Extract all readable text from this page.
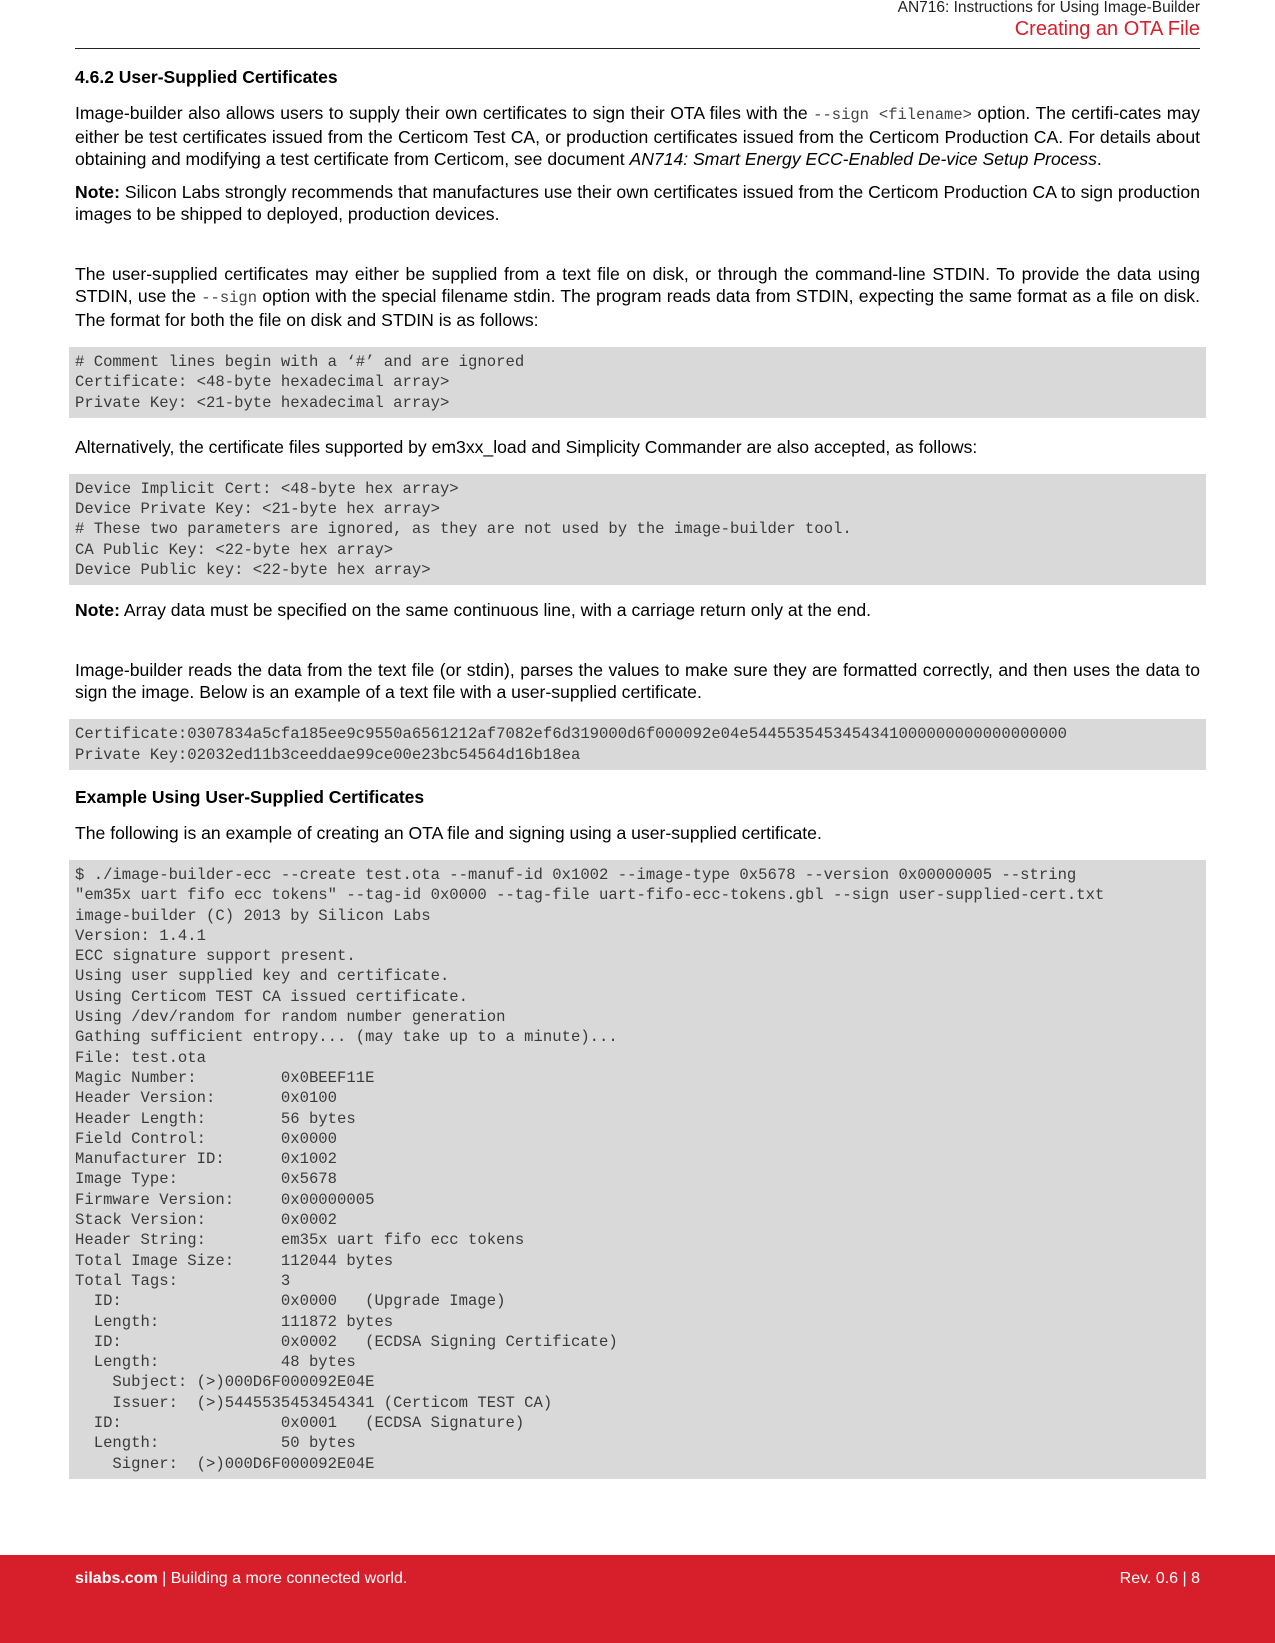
AN716: Instructions for Using Image-Builder
Creating an OTA File
4.6.2 User-Supplied Certificates

Image-builder also allows users to supply their own certificates to sign their OTA files with the --sign <filename> option. The certifi-cates may either be test certificates issued from the Certicom Test CA, or production certificates issued from the Certicom Production CA. For details about obtaining and modifying a test certificate from Certicom, see document AN714: Smart Energy ECC-Enabled De-vice Setup Process.

Note: Silicon Labs strongly recommends that manufactures use their own certificates issued from the Certicom Production CA to sign production images to be shipped to deployed, production devices.

The user-supplied certificates may either be supplied from a text file on disk, or through the command-line STDIN. To provide the data using STDIN, use the --sign option with the special filename stdin. The program reads data from STDIN, expecting the same format as a file on disk. The format for both the file on disk and STDIN is as follows:

# Comment lines begin with a ‘#’ and are ignored
Certificate: <48-byte hexadecimal array>
Private Key: <21-byte hexadecimal array>

Alternatively, the certificate files supported by em3xx_load and Simplicity Commander are also accepted, as follows:

Device Implicit Cert: <48-byte hex array>
Device Private Key: <21-byte hex array>
# These two parameters are ignored, as they are not used by the image-builder tool.
CA Public Key: <22-byte hex array>
Device Public key: <22-byte hex array>

Note: Array data must be specified on the same continuous line, with a carriage return only at the end.

Image-builder reads the data from the text file (or stdin), parses the values to make sure they are formatted correctly, and then uses the data to sign the image. Below is an example of a text file with a user-supplied certificate.

Certificate:0307834a5cfa185ee9c9550a6561212af7082ef6d319000d6f000092e04e5445535453454341000000000000000000
Private Key:02032ed11b3ceeddae99ce00e23bc54564d16b18ea
Example Using User-Supplied Certificates

The following is an example of creating an OTA file and signing using a user-supplied certificate.

$ ./image-builder-ecc --create test.ota --manuf-id 0x1002 --image-type 0x5678 --version 0x00000005 --string
"em35x uart fifo ecc tokens" --tag-id 0x0000 --tag-file uart-fifo-ecc-tokens.gbl --sign user-supplied-cert.txt
image-builder (C) 2013 by Silicon Labs
Version: 1.4.1
ECC signature support present.
Using user supplied key and certificate.
Using Certicom TEST CA issued certificate.
Using /dev/random for random number generation
Gathing sufficient entropy... (may take up to a minute)...
File: test.ota
Magic Number:         0x0BEEF11E
Header Version:       0x0100
Header Length:        56 bytes
Field Control:        0x0000
Manufacturer ID:      0x1002
Image Type:           0x5678
Firmware Version:     0x00000005
Stack Version:        0x0002
Header String:        em35x uart fifo ecc tokens
Total Image Size:     112044 bytes
Total Tags:           3
ID:                 0x0000   (Upgrade Image)
Length:             111872 bytes
ID:                 0x0002   (ECDSA Signing Certificate)
Length:             48 bytes
Subject: (>)000D6F000092E04E
Issuer:  (>)5445535453454341 (Certicom TEST CA)
ID:                 0x0001   (ECDSA Signature)
Length:             50 bytes
Signer:  (>)000D6F000092E04E
silabs.com | Building a more connected world.	Rev. 0.6 | 8
